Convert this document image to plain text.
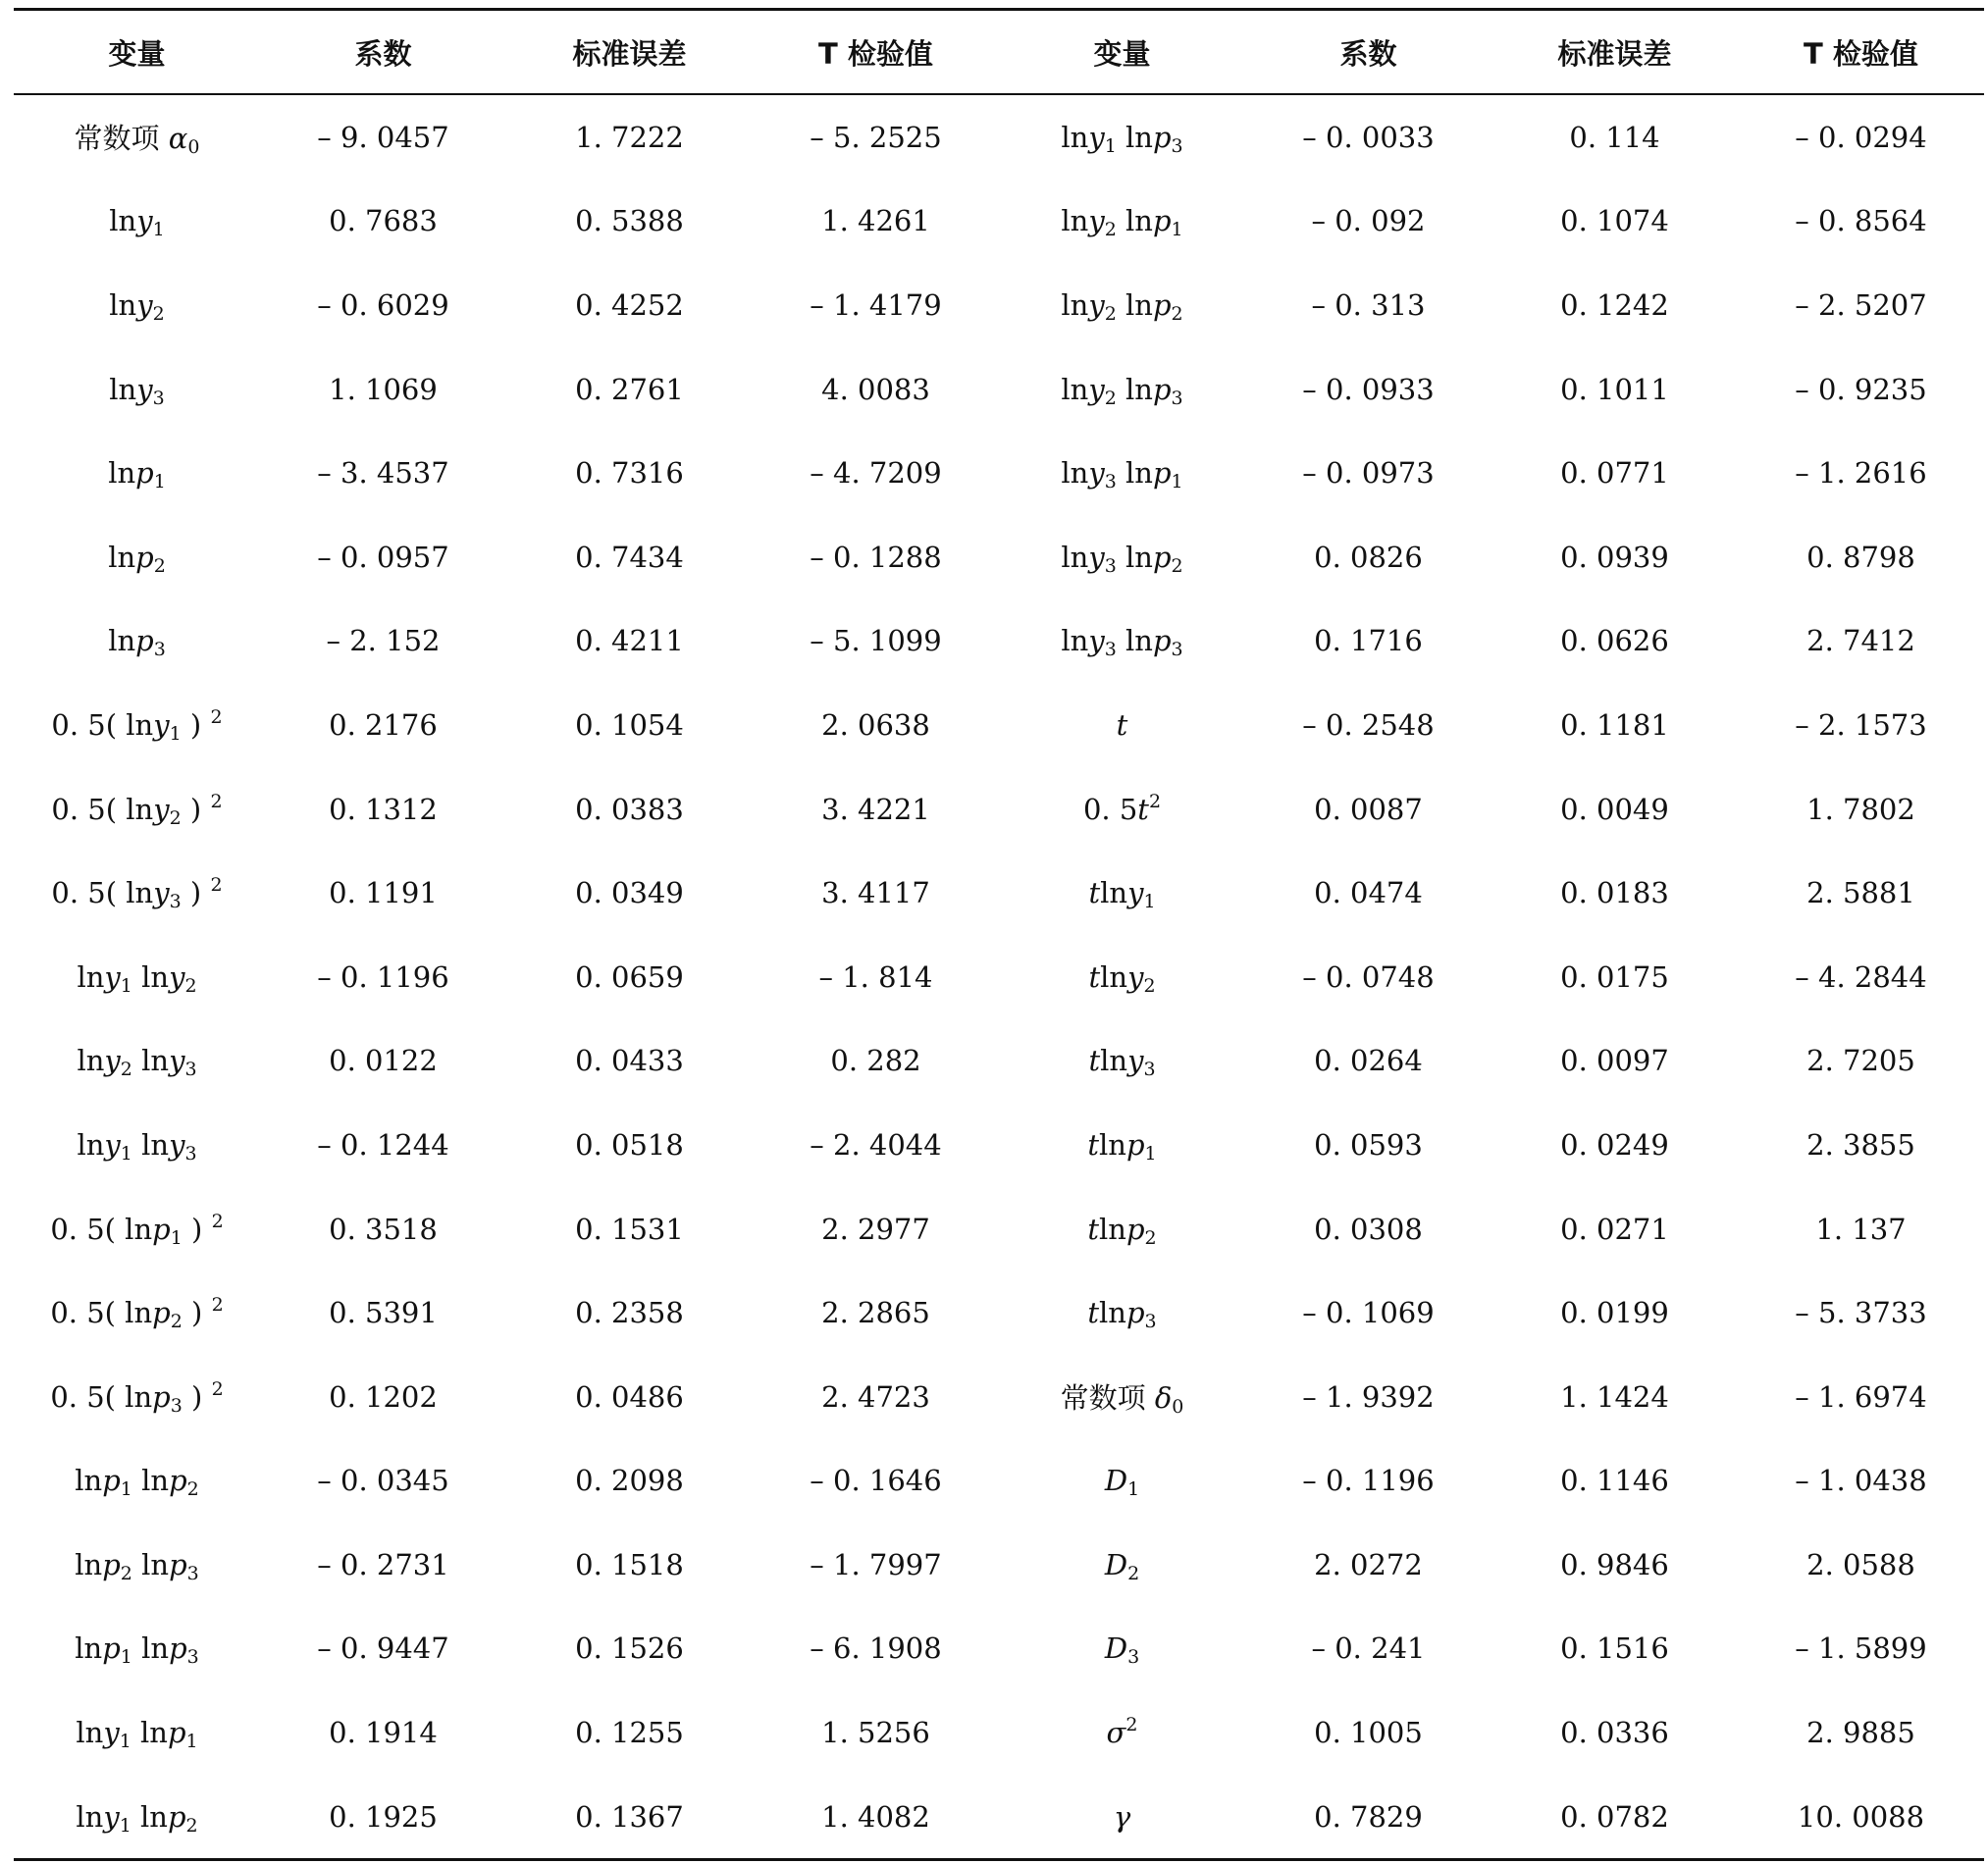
变量	系数	标准误差	T 检验值	变量	系数	标准误差	T 检验值
常数项 $\alpha_0$	– 9. 0457	1. 7222	– 5. 2525	lny$_1$ lnp$_3$	– 0. 0033	0. 114	– 0. 0294
lny$_1$	0. 7683	0. 5388	1. 4261	lny$_2$ lnp$_1$	– 0. 092	0. 1074	– 0. 8564
lny$_2$	– 0. 6029	0. 4252	– 1. 4179	lny$_2$ lnp$_2$	– 0. 313	0. 1242	– 2. 5207
lny$_3$	1. 1069	0. 2761	4. 0083	lny$_2$ lnp$_3$	– 0. 0933	0. 1011	– 0. 9235
lnp$_1$	– 3. 4537	0. 7316	– 4. 7209	lny$_3$ lnp$_1$	– 0. 0973	0. 0771	– 1. 2616
lnp$_2$	– 0. 0957	0. 7434	– 0. 1288	lny$_3$ lnp$_2$	0. 0826	0. 0939	0. 8798
lnp$_3$	– 2. 152	0. 4211	– 5. 1099	lny$_3$ lnp$_3$	0. 1716	0. 0626	2. 7412
0. 5( lny$_1$ ) $^2$	0. 2176	0. 1054	2. 0638	t	– 0. 2548	0. 1181	– 2. 1573
0. 5( lny$_2$ ) $^2$	0. 1312	0. 0383	3. 4221	0. $5t^2$	0. 0087	0. 0049	1. 7802
0. 5( lny$_3$ ) $^2$	0. 1191	0. 0349	3. 4117	tlny$_1$	0. 0474	0. 0183	2. 5881
lny$_1$ lny$_2$	– 0. 1196	0. 0659	– 1. 814	tlny$_2$	– 0. 0748	0. 0175	– 4. 2844
lny$_2$ lny$_3$	0. 0122	0. 0433	0. 282	tlny$_3$	0. 0264	0. 0097	2. 7205
lny$_1$ lny$_3$	– 0. 1244	0. 0518	– 2. 4044	tlnp$_1$	0. 0593	0. 0249	2. 3855
0. 5( lnp$_1$ ) $^2$	0. 3518	0. 1531	2. 2977	tlnp$_2$	0. 0308	0. 0271	1. 137
0. 5( lnp$_2$ ) $^2$	0. 5391	0. 2358	2. 2865	tlnp$_3$	– 0. 1069	0. 0199	– 5. 3733
0. 5( lnp$_3$ ) $^2$	0. 1202	0. 0486	2. 4723	常数项 $\delta_0$	– 1. 9392	1. 1424	– 1. 6974
lnp$_1$ lnp$_2$	– 0. 0345	0. 2098	– 0. 1646	$D_1$	– 0. 1196	0. 1146	– 1. 0438
lnp$_2$ lnp$_3$	– 0. 2731	0. 1518	– 1. 7997	$D_2$	2. 0272	0. 9846	2. 0588
lnp$_1$ lnp$_3$	– 0. 9447	0. 1526	– 6. 1908	$D_3$	– 0. 241	0. 1516	– 1. 5899
lny$_1$ lnp$_1$	0. 1914	0. 1255	1. 5256	$\sigma^2$	0. 1005	0. 0336	2. 9885
lny$_1$ lnp$_2$	0. 1925	0. 1367	1. 4082	γ	0. 7829	0. 0782	10. 0088
